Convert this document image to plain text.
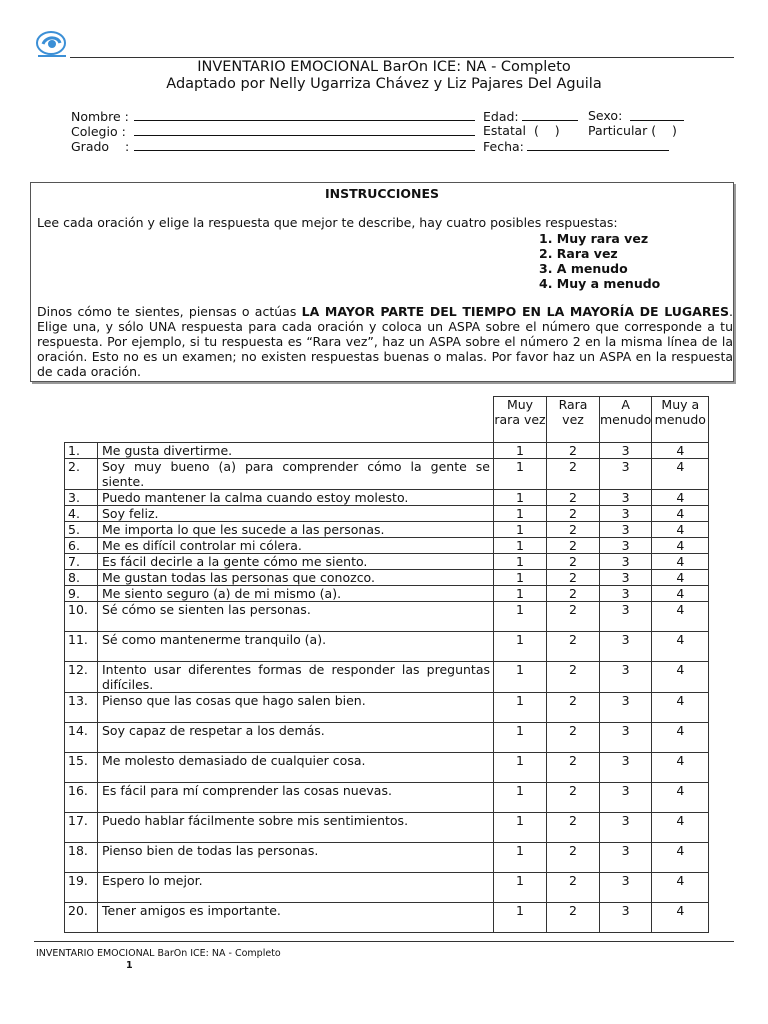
INVENTARIO EMOCIONAL BarOn ICE: NA - Completo
Adaptado por Nelly Ugarriza Chávez y Liz Pajares Del Aguila
Nombre :
Colegio :
Grado    :
Edad:	Sexo:
Estatal  (    ) Particular (    )
Fecha:
INSTRUCCIONES
Lee cada oración y elige la respuesta que mejor te describe, hay cuatro posibles respuestas:
1. Muy rara vez
2. Rara vez
3. A menudo
4. Muy a menudo
Dinos cómo te sientes, piensas o actúas LA MAYOR PARTE DEL TIEMPO EN LA MAYORÍA DE LUGARES. Elige una, y sólo UNA respuesta para cada oración y coloca un ASPA sobre el número que corresponde a tu respuesta. Por ejemplo, si tu respuesta es “Rara vez”, haz un ASPA sobre el número 2 en la misma línea de la oración. Esto no es un examen; no existen respuestas buenas o malas. Por favor haz un ASPA en la respuesta de cada oración.
		Muy rara vez	Rara vez	A menudo	Muy a menudo
1.	Me gusta divertirme.	1	2	3	4
2.	Soy muy bueno (a) para comprender cómo la gente se siente.	1	2	3	4
3.	Puedo mantener la calma cuando estoy molesto.	1	2	3	4
4.	Soy feliz.	1	2	3	4
5.	Me importa lo que les sucede a las personas.	1	2	3	4
6.	Me es difícil controlar mi cólera.	1	2	3	4
7.	Es fácil decirle a la gente cómo me siento.	1	2	3	4
8.	Me gustan todas las personas que conozco.	1	2	3	4
9.	Me siento seguro (a) de mi mismo (a).	1	2	3	4
10.	Sé cómo se sienten las personas.	1	2	3	4
11.	Sé como mantenerme tranquilo (a).	1	2	3	4
12.	Intento usar diferentes formas de responder las preguntas difíciles.	1	2	3	4
13.	Pienso que las cosas que hago salen bien.	1	2	3	4
14.	Soy capaz de respetar a los demás.	1	2	3	4
15.	Me molesto demasiado de cualquier cosa.	1	2	3	4
16.	Es fácil para mí comprender las cosas nuevas.	1	2	3	4
17.	Puedo hablar fácilmente sobre mis sentimientos.	1	2	3	4
18.	Pienso bien de todas las personas.	1	2	3	4
19.	Espero lo mejor.	1	2	3	4
20.	Tener amigos es importante.	1	2	3	4
INVENTARIO EMOCIONAL BarOn ICE: NA - Completo
1
